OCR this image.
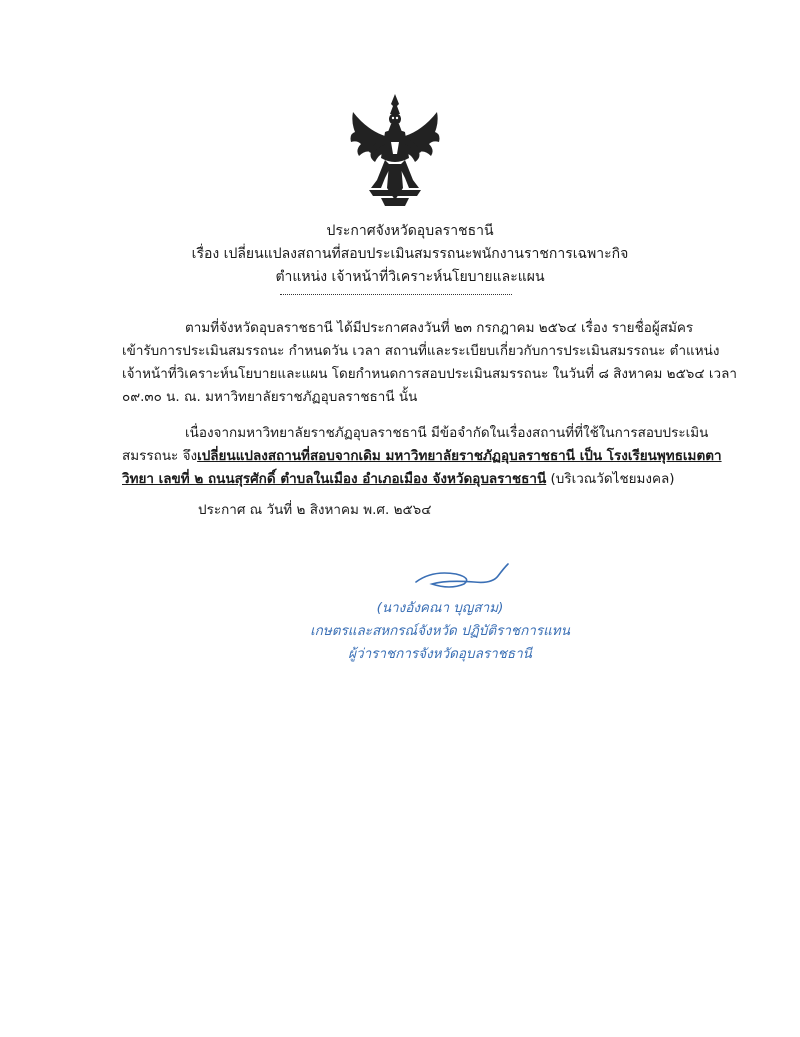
ประกาศจังหวัดอุบลราชธานี
เรื่อง เปลี่ยนแปลงสถานที่สอบประเมินสมรรถนะพนักงานราชการเฉพาะกิจ
ตำแหน่ง เจ้าหน้าที่วิเคราะห์นโยบายและแผน
ตามที่จังหวัดอุบลราชธานี ได้มีประกาศลงวันที่ ๒๓ กรกฎาคม ๒๕๖๔ เรื่อง รายชื่อผู้สมัคร
เข้ารับการประเมินสมรรถนะ กำหนดวัน เวลา สถานที่และระเบียบเกี่ยวกับการประเมินสมรรถนะ ตำแหน่ง
เจ้าหน้าที่วิเคราะห์นโยบายและแผน โดยกำหนดการสอบประเมินสมรรถนะ ในวันที่ ๘ สิงหาคม ๒๕๖๔ เวลา
๐๙.๓๐ น. ณ. มหาวิทยาลัยราชภัฏอุบลราชธานี นั้น
เนื่องจากมหาวิทยาลัยราชภัฏอุบลราชธานี มีข้อจำกัดในเรื่องสถานที่ที่ใช้ในการสอบประเมิน
สมรรถนะ จึงเปลี่ยนแปลงสถานที่สอบจากเดิม มหาวิทยาลัยราชภัฏอุบลราชธานี เป็น โรงเรียนพุทธเมตตา
วิทยา เลขที่ ๒ ถนนสุรศักดิ์ ตำบลในเมือง อำเภอเมือง จังหวัดอุบลราชธานี (บริเวณวัดไชยมงคล)
ประกาศ ณ วันที่ ๒ สิงหาคม พ.ศ. ๒๕๖๔
(นางอังคณา บุญสาม)
เกษตรและสหกรณ์จังหวัด ปฏิบัติราชการแทน
ผู้ว่าราชการจังหวัดอุบลราชธานี
